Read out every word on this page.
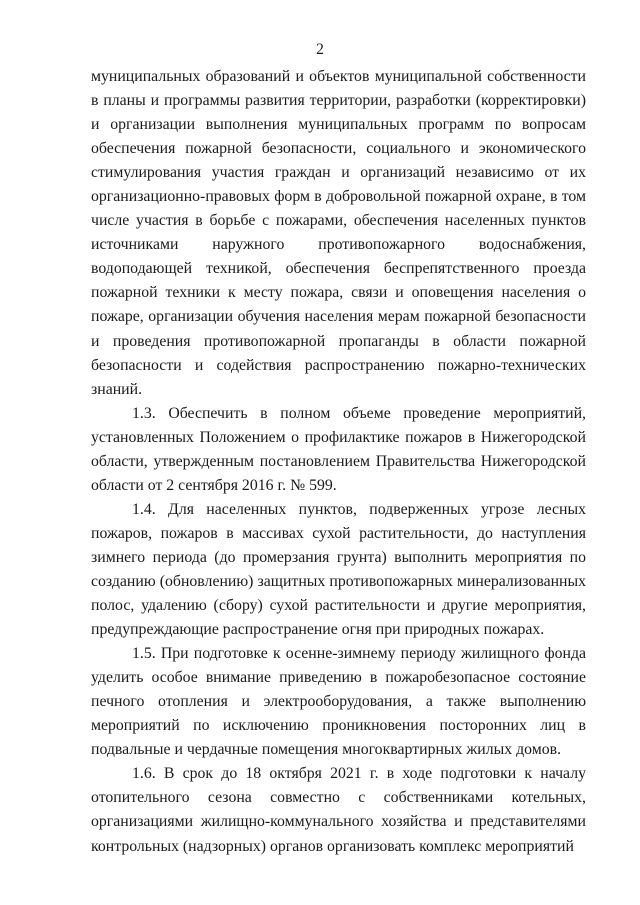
2

муниципальных образований и объектов муниципальной собственности в планы и программы развития территории, разработки (корректировки) и организации выполнения муниципальных программ по вопросам обеспечения пожарной безопасности, социального и экономического стимулирования участия граждан и организаций независимо от их организационно-правовых форм в добровольной пожарной охране, в том числе участия в борьбе с пожарами, обеспечения населенных пунктов источниками наружного противопожарного водоснабжения, водоподающей техникой, обеспечения беспрепятственного проезда пожарной техники к месту пожара, связи и оповещения населения о пожаре, организации обучения населения мерам пожарной безопасности и проведения противопожарной пропаганды в области пожарной безопасности и содействия распространению пожарно-технических знаний.

1.3. Обеспечить в полном объеме проведение мероприятий, установленных Положением о профилактике пожаров в Нижегородской области, утвержденным постановлением Правительства Нижегородской области от 2 сентября 2016 г. № 599.

1.4. Для населенных пунктов, подверженных угрозе лесных пожаров, пожаров в массивах сухой растительности, до наступления зимнего периода (до промерзания грунта) выполнить мероприятия по созданию (обновлению) защитных противопожарных минерализованных полос, удалению (сбору) сухой растительности и другие мероприятия, предупреждающие распространение огня при природных пожарах.

1.5. При подготовке к осенне-зимнему периоду жилищного фонда уделить особое внимание приведению в пожаробезопасное состояние печного отопления и электрооборудования, а также выполнению мероприятий по исключению проникновения посторонних лиц в подвальные и чердачные помещения многоквартирных жилых домов.

1.6. В срок до 18 октября 2021 г. в ходе подготовки к началу отопительного сезона совместно с собственниками котельных, организациями жилищно-коммунального хозяйства и представителями контрольных (надзорных) органов организовать комплекс мероприятий
